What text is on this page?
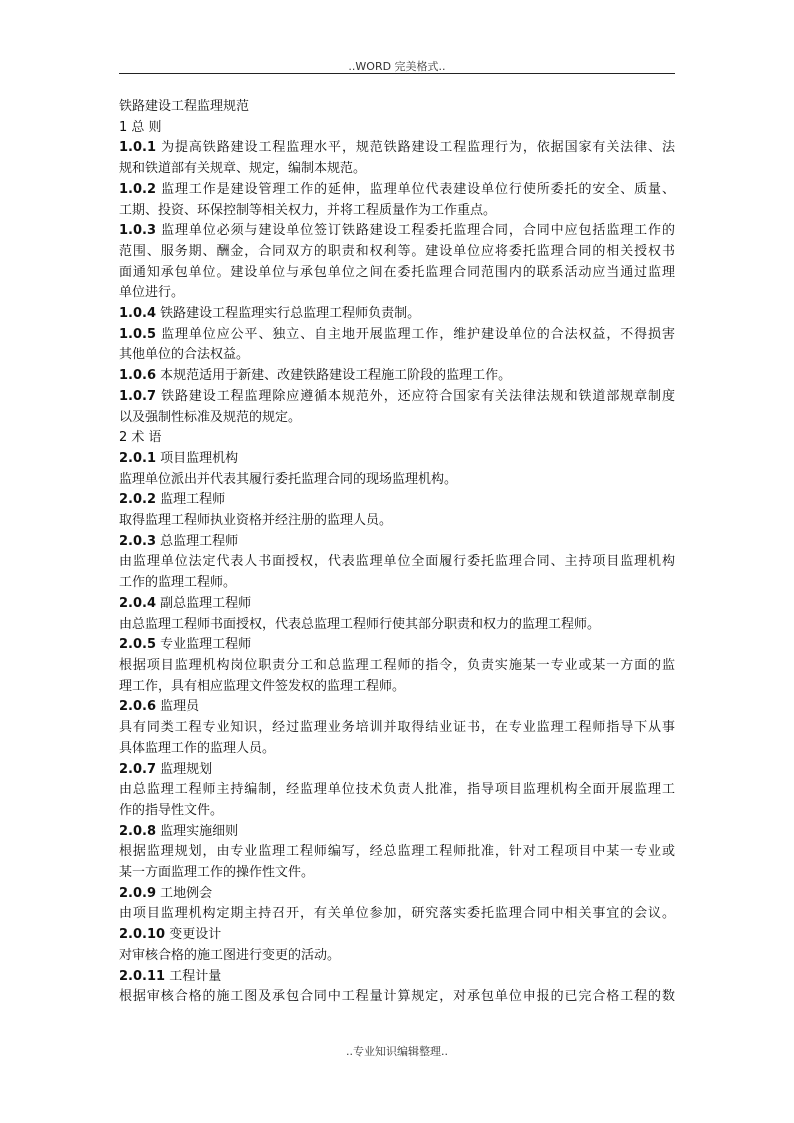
..WORD 完美格式..
铁路建设工程监理规范
1 总 则
1.0.1 为提高铁路建设工程监理水平，规范铁路建设工程监理行为，依据国家有关法律、法
规和铁道部有关规章、规定，编制本规范。
1.0.2 监理工作是建设管理工作的延伸，监理单位代表建设单位行使所委托的安全、质量、
工期、投资、环保控制等相关权力，并将工程质量作为工作重点。
1.0.3 监理单位必须与建设单位签订铁路建设工程委托监理合同，合同中应包括监理工作的
范围、服务期、酬金，合同双方的职责和权利等。建设单位应将委托监理合同的相关授权书
面通知承包单位。建设单位与承包单位之间在委托监理合同范围内的联系活动应当通过监理
单位进行。
1.0.4 铁路建设工程监理实行总监理工程师负责制。
1.0.5 监理单位应公平、独立、自主地开展监理工作，维护建设单位的合法权益，不得损害
其他单位的合法权益。
1.0.6 本规范适用于新建、改建铁路建设工程施工阶段的监理工作。
1.0.7 铁路建设工程监理除应遵循本规范外，还应符合国家有关法律法规和铁道部规章制度
以及强制性标准及规范的规定。
2 术 语
2.0.1 项目监理机构
监理单位派出并代表其履行委托监理合同的现场监理机构。
2.0.2 监理工程师
取得监理工程师执业资格并经注册的监理人员。
2.0.3 总监理工程师
由监理单位法定代表人书面授权，代表监理单位全面履行委托监理合同、主持项目监理机构
工作的监理工程师。
2.0.4 副总监理工程师
由总监理工程师书面授权，代表总监理工程师行使其部分职责和权力的监理工程师。
2.0.5 专业监理工程师
根据项目监理机构岗位职责分工和总监理工程师的指令，负责实施某一专业或某一方面的监
理工作，具有相应监理文件签发权的监理工程师。
2.0.6 监理员
具有同类工程专业知识，经过监理业务培训并取得结业证书，在专业监理工程师指导下从事
具体监理工作的监理人员。
2.0.7 监理规划
由总监理工程师主持编制，经监理单位技术负责人批准，指导项目监理机构全面开展监理工
作的指导性文件。
2.0.8 监理实施细则
根据监理规划，由专业监理工程师编写，经总监理工程师批准，针对工程项目中某一专业或
某一方面监理工作的操作性文件。
2.0.9 工地例会
由项目监理机构定期主持召开，有关单位参加，研究落实委托监理合同中相关事宜的会议。
2.0.10 变更设计
对审核合格的施工图进行变更的活动。
2.0.11 工程计量
根据审核合格的施工图及承包合同中工程量计算规定，对承包单位申报的已完合格工程的数
..专业知识编辑整理..
